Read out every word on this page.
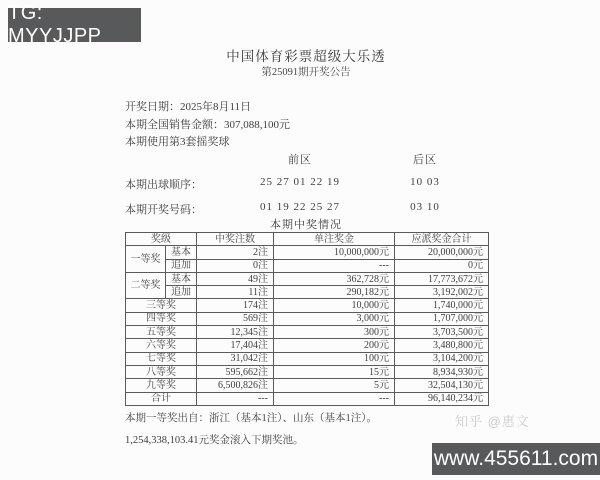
TG: MYYJJPP
中国体育彩票超级大乐透
第25091期开奖公告
开奖日期：2025年8月11日
本期全国销售金额：307,088,100元
本期使用第3套摇奖球
前区	后区
本期出球顺序：	25 27 01 22 19	10 03
本期开奖号码：	01 19 22 25 27	03 10
本期中奖情况
奖级		中奖注数	单注奖金	应派奖金合计
一等奖	基本	2注	10,000,000元	20,000,000元
	追加	0注	---	0元
二等奖	基本	49注	362,728元	17,773,672元
	追加	11注	290,182元	3,192,002元
三等奖		174注	10,000元	1,740,000元
四等奖		569注	3,000元	1,707,000元
五等奖		12,345注	300元	3,703,500元
六等奖		17,404注	200元	3,480,800元
七等奖		31,042注	100元	3,104,200元
八等奖		595,662注	15元	8,934,930元
九等奖		6,500,826注	5元	32,504,130元
合计		---	---	96,140,234元
本期一等奖出自：浙江（基本1注）、山东（基本1注）。
1,254,338,103.41元奖金滚入下期奖池。
知乎 @惠文
www.455611.com
